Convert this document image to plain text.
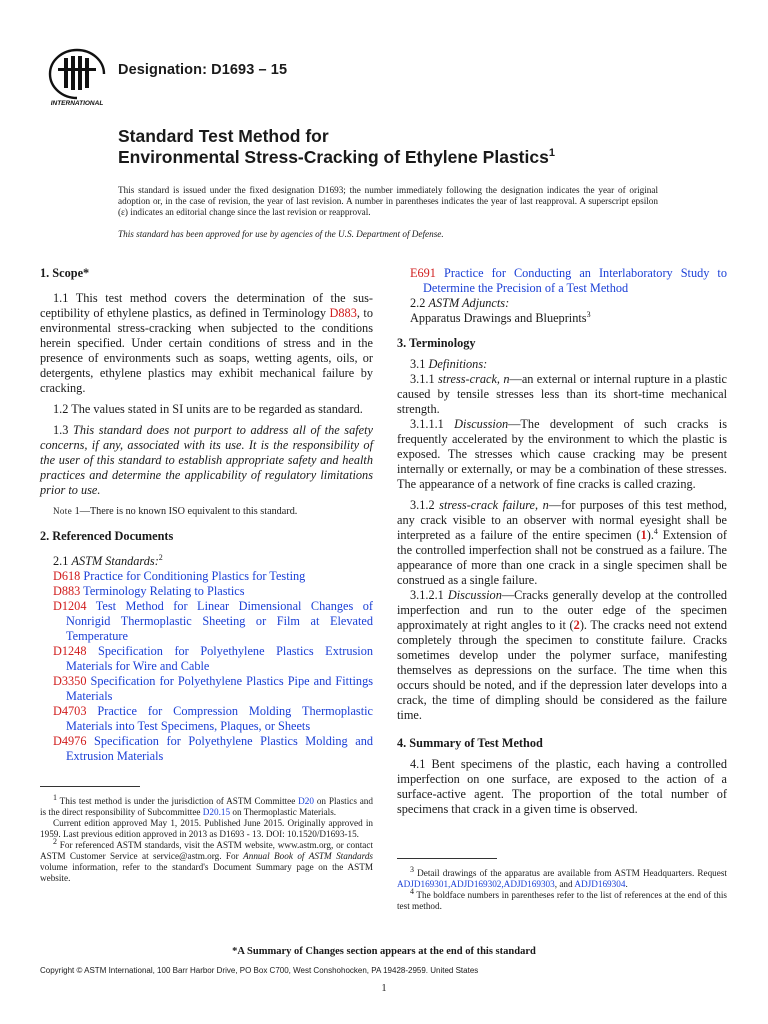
INTERNATIONAL
Designation: D1693 – 15
Standard Test Method for
Environmental Stress-Cracking of Ethylene Plastics$^1$
This standard is issued under the fixed designation D1693; the number immediately following the designation indicates the year of original adoption or, in the case of revision, the year of last revision. A number in parentheses indicates the year of last reapproval. A superscript epsilon (ε) indicates an editorial change since the last revision or reapproval.
This standard has been approved for use by agencies of the U.S. Department of Defense.
1. Scope*

1.1 This test method covers the determination of the susceptibility of ethylene plastics, as defined in Terminology D883, to environmental stress-cracking when subjected to the conditions herein specified. Under certain conditions of stress and in the presence of environments such as soaps, wetting agents, oils, or detergents, ethylene plastics may exhibit mechanical failure by cracking.

1.2 The values stated in SI units are to be regarded as standard.

1.3 This standard does not purport to address all of the safety concerns, if any, associated with its use. It is the responsibility of the user of this standard to establish appropriate safety and health practices and determine the applicability of regulatory limitations prior to use.

Note 1—There is no known ISO equivalent to this standard.

2. Referenced Documents

2.1 ASTM Standards:$^2$

D618 Practice for Conditioning Plastics for Testing

D883 Terminology Relating to Plastics

D1204 Test Method for Linear Dimensional Changes of Nonrigid Thermoplastic Sheeting or Film at Elevated Temperature

D1248 Specification for Polyethylene Plastics Extrusion Materials for Wire and Cable

D3350 Specification for Polyethylene Plastics Pipe and Fittings Materials

D4703 Practice for Compression Molding Thermoplastic Materials into Test Specimens, Plaques, or Sheets

D4976 Specification for Polyethylene Plastics Molding and Extrusion Materials

E691 Practice for Conducting an Interlaboratory Study to Determine the Precision of a Test Method

2.2 ASTM Adjuncts:

Apparatus Drawings and Blueprints$^3$

3. Terminology

3.1 Definitions:

3.1.1 stress-crack, n—an external or internal rupture in a plastic caused by tensile stresses less than its short-time mechanical strength.

3.1.1.1 Discussion—The development of such cracks is frequently accelerated by the environment to which the plastic is exposed. The stresses which cause cracking may be present internally or externally, or may be a combination of these stresses. The appearance of a network of fine cracks is called crazing.

3.1.2 stress-crack failure, n—for purposes of this test method, any crack visible to an observer with normal eyesight shall be interpreted as a failure of the entire specimen (1).$^4$ Extension of the controlled imperfection shall not be construed as a failure. The appearance of more than one crack in a single specimen shall be construed as a single failure.

3.1.2.1 Discussion—Cracks generally develop at the controlled imperfection and run to the outer edge of the specimen approximately at right angles to it (2). The cracks need not extend completely through the specimen to constitute failure. Cracks sometimes develop under the polymer surface, manifesting themselves as depressions on the surface. The time when this occurs should be noted, and if the depression later develops into a crack, the time of dimpling should be considered as the failure time.

4. Summary of Test Method

4.1 Bent specimens of the plastic, each having a controlled imperfection on one surface, are exposed to the action of a surface-active agent. The proportion of the total number of specimens that crack in a given time is observed.

$^1$ This test method is under the jurisdiction of ASTM Committee D20 on Plastics and is the direct responsibility of Subcommittee D20.15 on Thermoplastic Materials.

Current edition approved May 1, 2015. Published June 2015. Originally approved in 1959. Last previous edition approved in 2013 as D1693 - 13. DOI: 10.1520/D1693-15.

$^2$ For referenced ASTM standards, visit the ASTM website, www.astm.org, or contact ASTM Customer Service at service@astm.org. For Annual Book of ASTM Standards volume information, refer to the standard's Document Summary page on the ASTM website.

$^3$ Detail drawings of the apparatus are available from ASTM Headquarters. Request ADJD169301,ADJD169302,ADJD169303, and ADJD169304.

$^4$ The boldface numbers in parentheses refer to the list of references at the end of this test method.

*A Summary of Changes section appears at the end of this standard
Copyright © ASTM International, 100 Barr Harbor Drive, PO Box C700, West Conshohocken, PA 19428-2959. United States
1
